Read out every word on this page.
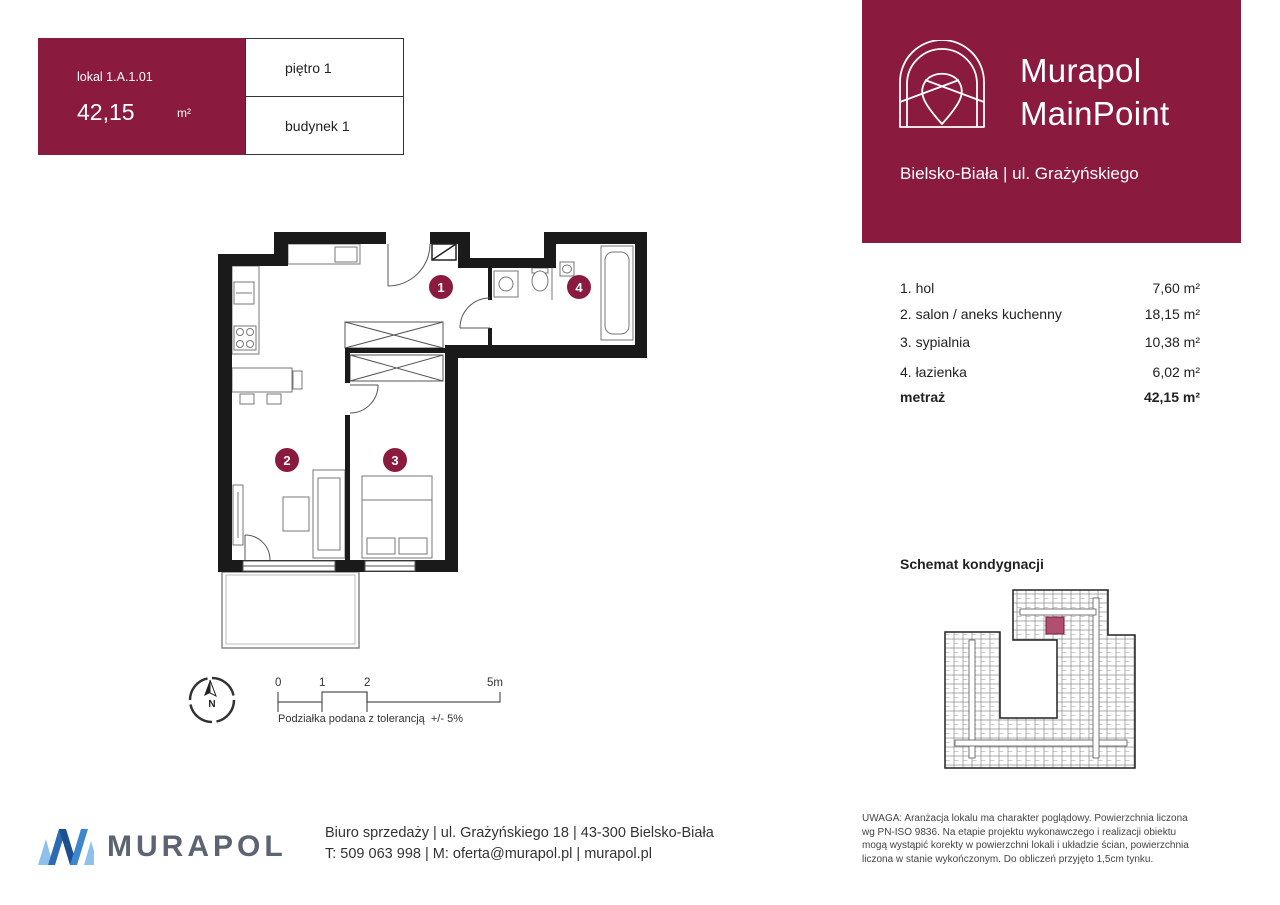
lokal 1.A.1.01
42,15	m²
piętro 1
budynek 1
Murapol
MainPoint
Bielsko-Biała | ul. Grażyńskiego
1. hol	7,60 m²
2. salon / aneks kuchenny	18,15 m²
3. sypialnia	10,38 m²
4. łazienka	6,02 m²
metraż	42,15 m²
1
2	3
4
N
0	1	2	5m
Podziałka podana z tolerancją  +/- 5%
Schemat kondygnacji
MURAPOL	Biuro sprzedaży | ul. Grażyńskiego 18 | 43-300 Bielsko-Biała
T: 509 063 998 | M: oferta@murapol.pl | murapol.pl
UWAGA: Aranżacja lokalu ma charakter poglądowy. Powierzchnia liczona
wg PN-ISO 9836. Na etapie projektu wykonawczego i realizacji obiektu
mogą wystąpić korekty w powierzchni lokali i układzie ścian, powierzchnia
liczona w stanie wykończonym. Do obliczeń przyjęto 1,5cm tynku.
